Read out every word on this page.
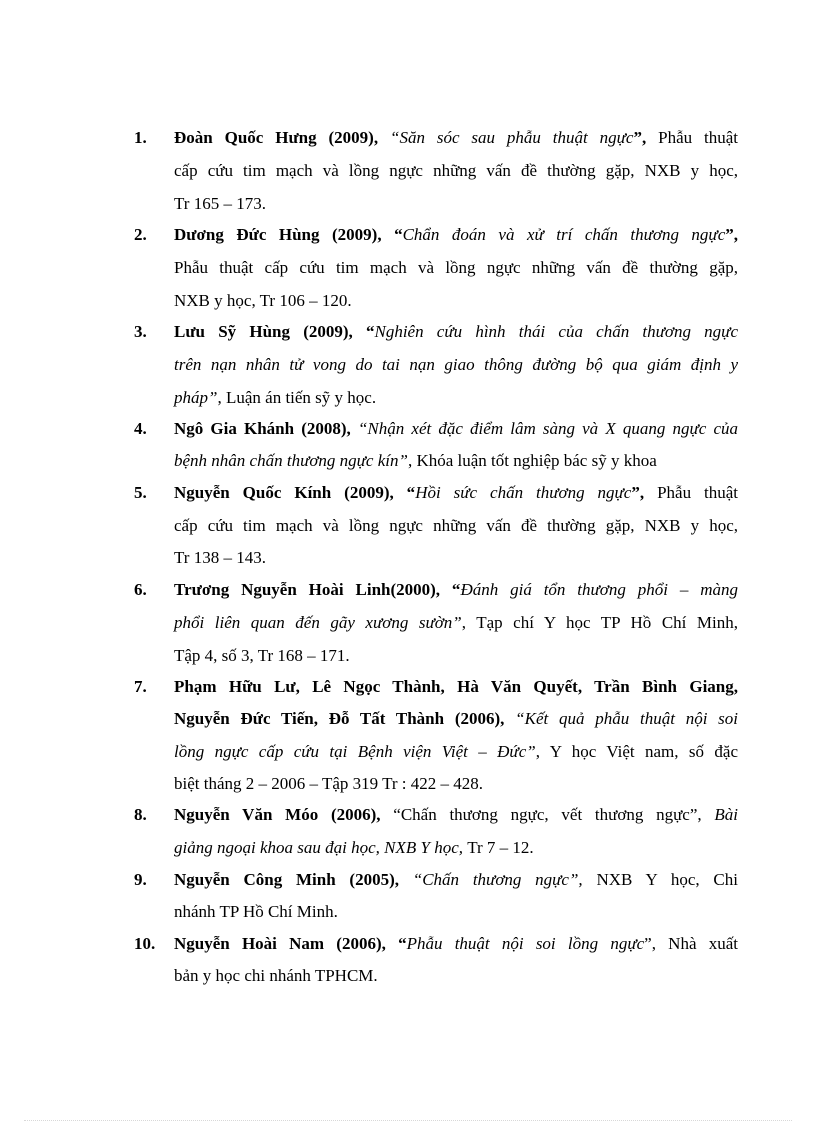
1. Đoàn Quốc Hưng (2009), “Săn sóc sau phẫu thuật ngực”, Phẫu thuật
cấp cứu tim mạch và lồng ngực những vấn đề thường gặp, NXB y học,
Tr 165 – 173.
2. Dương Đức Hùng (2009), “Chẩn đoán và xử trí chấn thương ngực”,
Phẫu thuật cấp cứu tim mạch và lồng ngực những vấn đề thường gặp,
NXB y học, Tr 106 – 120.
3. Lưu Sỹ Hùng (2009), “Nghiên cứu hình thái của chấn thương ngực
trên nạn nhân tử vong do tai nạn giao thông đường bộ qua giám định y
pháp”, Luận án tiến sỹ y học.
4. Ngô Gia Khánh (2008), “Nhận xét đặc điểm lâm sàng và X quang ngực của
bệnh nhân chấn thương ngực kín”, Khóa luận tốt nghiệp bác sỹ y khoa
5. Nguyễn Quốc Kính (2009), “Hồi sức chấn thương ngực”, Phẫu thuật
cấp cứu tim mạch và lồng ngực những vấn đề thường gặp, NXB y học,
Tr 138 – 143.
6. Trương Nguyễn Hoài Linh(2000), “Đánh giá tổn thương phổi – màng
phổi liên quan đến gãy xương sườn”, Tạp chí Y học TP Hồ Chí Minh,
Tập 4, số 3, Tr 168 – 171.
7. Phạm Hữu Lư, Lê Ngọc Thành, Hà Văn Quyết, Trần Bình Giang,
Nguyễn Đức Tiến, Đỗ Tất Thành (2006), “Kết quả phẫu thuật nội soi
lồng ngực cấp cứu tại Bệnh viện Việt – Đức”, Y học Việt nam, số đặc
biệt tháng 2 – 2006 – Tập 319 Tr : 422 – 428.
8. Nguyễn Văn Móo (2006), “Chấn thương ngực, vết thương ngực”, Bài
giảng ngoại khoa sau đại học, NXB Y học, Tr 7 – 12.
9. Nguyễn Công Minh (2005), “Chấn thương ngực”, NXB Y học, Chi
nhánh TP Hồ Chí Minh.
10. Nguyễn Hoài Nam (2006), “Phẫu thuật nội soi lồng ngực”, Nhà xuất
bản y học chi nhánh TPHCM.
